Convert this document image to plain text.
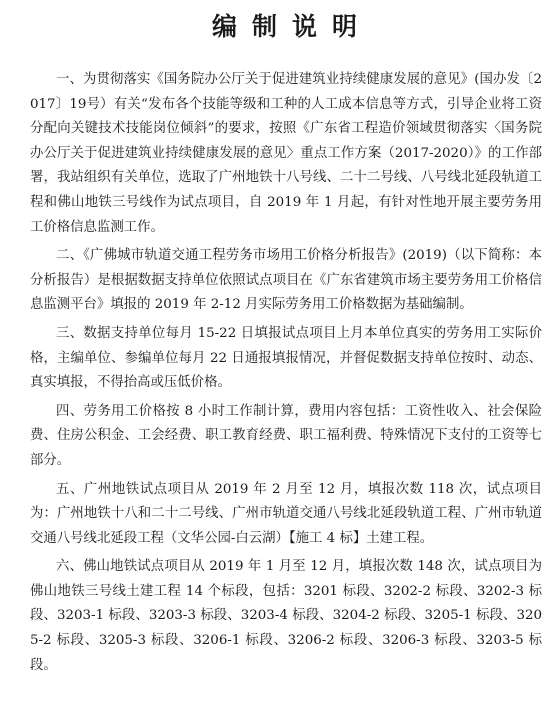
编制说明

一、为贯彻落实《国务院办公厅关于促进建筑业持续健康发展的意见》(国办发〔2017〕19号）有关“发布各个技能等级和工种的人工成本信息等方式，引导企业将工资分配向关键技术技能岗位倾斜”的要求，按照《广东省工程造价领域贯彻落实〈国务院办公厅关于促进建筑业持续健康发展的意见〉重点工作方案（2017-2020）》的工作部署，我站组织有关单位，选取了广州地铁十八号线、二十二号线、八号线北延段轨道工程和佛山地铁三号线作为试点项目，自 2019 年 1 月起，有针对性地开展主要劳务用工价格信息监测工作。

二、《广佛城市轨道交通工程劳务市场用工价格分析报告》(2019)（以下简称：本分析报告）是根据数据支持单位依照试点项目在《广东省建筑市场主要劳务用工价格信息监测平台》填报的 2019 年 2-12 月实际劳务用工价格数据为基础编制。

三、数据支持单位每月 15-22 日填报试点项目上月本单位真实的劳务用工实际价格，主编单位、参编单位每月 22 日通报填报情况，并督促数据支持单位按时、动态、真实填报，不得抬高或压低价格。

四、劳务用工价格按 8 小时工作制计算，费用内容包括：工资性收入、社会保险费、住房公积金、工会经费、职工教育经费、职工福利费、特殊情况下支付的工资等七部分。

五、广州地铁试点项目从 2019 年 2 月至 12 月，填报次数 118 次，试点项目为：广州地铁十八和二十二号线、广州市轨道交通八号线北延段轨道工程、广州市轨道交通八号线北延段工程（文华公园-白云湖）【施工 4 标】土建工程。

六、佛山地铁试点项目从 2019 年 1 月至 12 月，填报次数 148 次，试点项目为佛山地铁三号线土建工程 14 个标段，包括：3201 标段、3202-2 标段、3202-3 标段、3203-1 标段、3203-3 标段、3203-4 标段、3204-2 标段、3205-1 标段、3205-2 标段、3205-3 标段、3206-1 标段、3206-2 标段、3206-3 标段、3203-5 标段。
